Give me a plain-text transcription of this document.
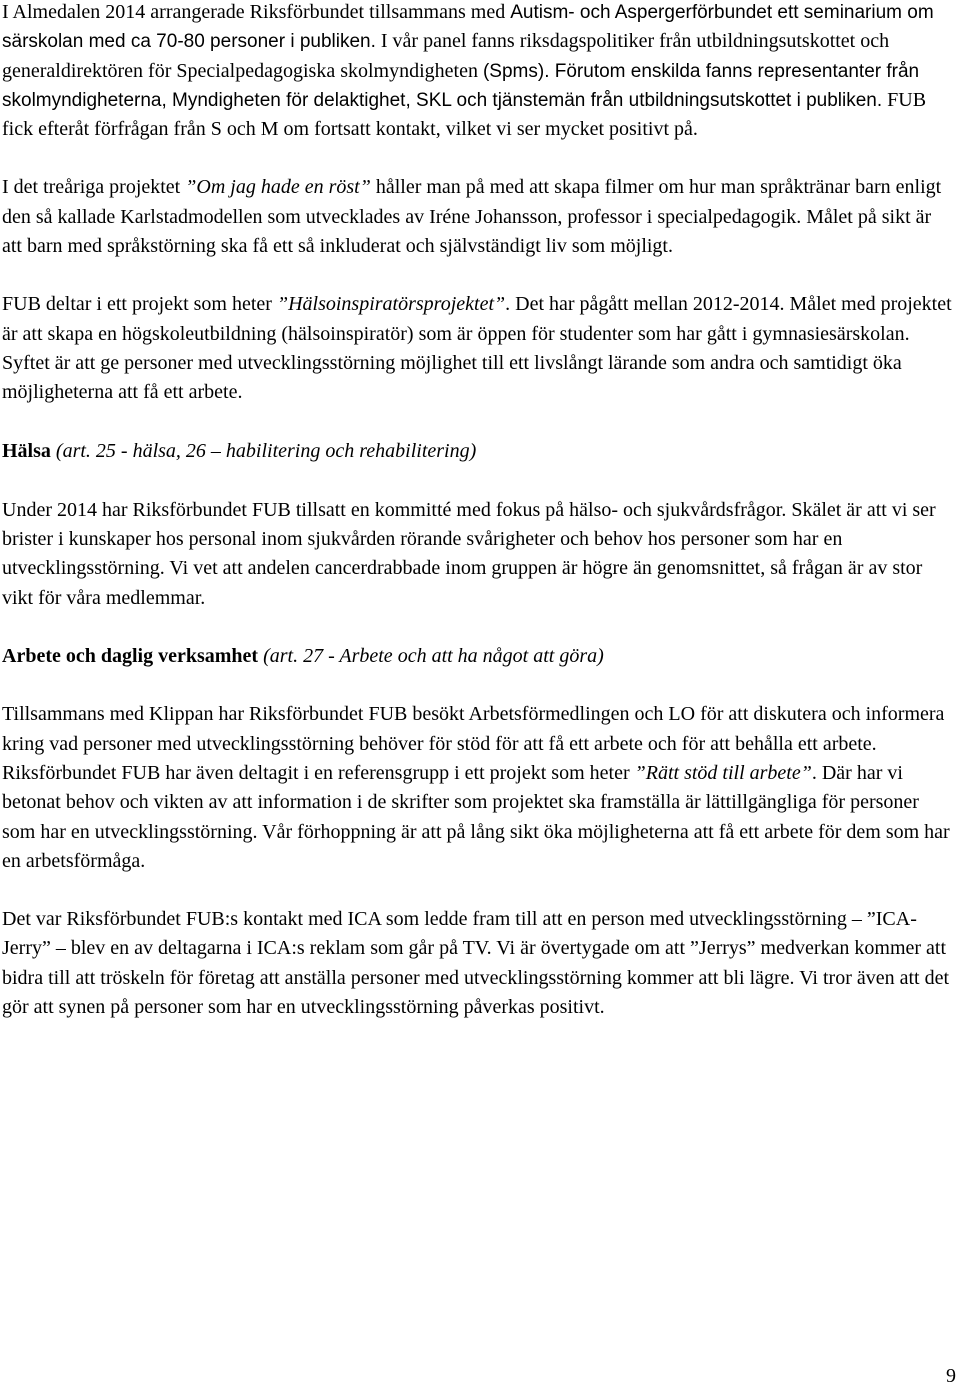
I Almedalen 2014 arrangerade Riksförbundet tillsammans med Autism- och Aspergerförbundet ett seminarium om särskolan med ca 70-80 personer i publiken. I vår panel fanns riksdagspolitiker från utbildningsutskottet och generaldirektören för Specialpedagogiska skolmyndigheten (Spms). Förutom enskilda fanns representanter från skolmyndigheterna, Myndigheten för delaktighet, SKL och tjänstemän från utbildningsutskottet i publiken. FUB fick efteråt förfrågan från S och M om fortsatt kontakt, vilket vi ser mycket positivt på.

I det treåriga projektet ”Om jag hade en röst” håller man på med att skapa filmer om hur man språktränar barn enligt den så kallade Karlstadmodellen som utvecklades av Iréne Johansson, professor i specialpedagogik. Målet på sikt är att barn med språkstörning ska få ett så inkluderat och självständigt liv som möjligt.

FUB deltar i ett projekt som heter ”Hälsoinspiratörsprojektet”. Det har pågått mellan 2012-2014. Målet med projektet är att skapa en högskoleutbildning (hälsoinspiratör) som är öppen för studenter som har gått i gymnasiesärskolan. Syftet är att ge personer med utvecklingsstörning möjlighet till ett livslångt lärande som andra och samtidigt öka möjligheterna att få ett arbete.

Hälsa (art. 25 - hälsa, 26 – habilitering och rehabilitering)

Under 2014 har Riksförbundet FUB tillsatt en kommitté med fokus på hälso- och sjukvårdsfrågor. Skälet är att vi ser brister i kunskaper hos personal inom sjukvården rörande svårigheter och behov hos personer som har en utvecklingsstörning. Vi vet att andelen cancerdrabbade inom gruppen är högre än genomsnittet, så frågan är av stor vikt för våra medlemmar.

Arbete och daglig verksamhet (art. 27 - Arbete och att ha något att göra)

Tillsammans med Klippan har Riksförbundet FUB besökt Arbetsförmedlingen och LO för att diskutera och informera kring vad personer med utvecklingsstörning behöver för stöd för att få ett arbete och för att behålla ett arbete. Riksförbundet FUB har även deltagit i en referensgrupp i ett projekt som heter ”Rätt stöd till arbete”. Där har vi betonat behov och vikten av att information i de skrifter som projektet ska framställa är lättillgängliga för personer som har en utvecklingsstörning. Vår förhoppning är att på lång sikt öka möjligheterna att få ett arbete för dem som har en arbetsförmåga.

Det var Riksförbundet FUB:s kontakt med ICA som ledde fram till att en person med utvecklingsstörning – ”ICA-Jerry” – blev en av deltagarna i ICA:s reklam som går på TV. Vi är övertygade om att ”Jerrys” medverkan kommer att bidra till att tröskeln för företag att anställa personer med utvecklingsstörning kommer att bli lägre. Vi tror även att det gör att synen på personer som har en utvecklingsstörning påverkas positivt.

9
